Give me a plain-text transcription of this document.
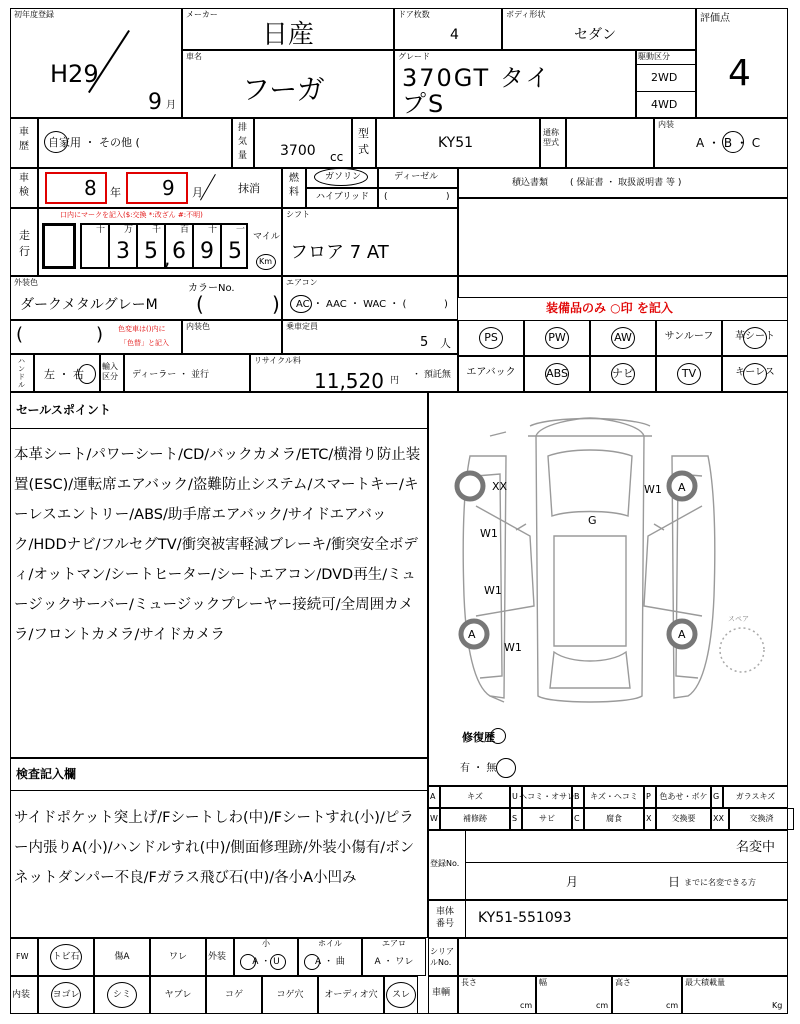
初年度登録
H29
9 月
メーカー
日産
ドア枚数
4
ボディ形状
セダン
評価点
4
車名
フーガ
グレード
370GT タイ
プS
駆動区分
2WD
4WD
車歴 自家用 ・ その他 (
排気量 3700 cc
型式	KY51
通称型式
内装
A ・ B ・ C
車検	8 年 9 月	抹消
燃料
ガソリン	ディーゼル
ハイブリッド (	)
積込書類 ( 保証書 ・ 取扱説明書 等 )
走行
口内にマークを記入($:交換 *:改ざん #:不明)
十 万
3
千
5
百
6
十
9
一
5
,
マイル
Km
シフト
フロア 7 AT
外装色
カラーNo.
ダークメタルグレーM (	)
エアコン
AC ・ AAC ・ WAC ・ (	)	装備品のみ ○印 を記入
(	) 色変車は()内に
「色替」と記入
内装色	乗車定員
5 人
ハンドル
左 ・ 右
輸入区分	ディーラー ・ 並行
リサイクル料
11,520 円
・ 預託無
PS	PW	AW	サンルーフ 革シート
エアバック	ABS	ナビ	TV	キーレス
セールスポイント
本革シート/パワーシート/CD/バックカメラ/ETC/横滑り防止装置(ESC)/運転席エアバック/盗難防止システム/スマートキー/キーレスエントリー/ABS/助手席エアバック/サイドエアバック/HDDナビ/フルセグTV/衝突被害軽減ブレーキ/衝突安全ボディ/オットマン/シートヒーター/シートエアコン/DVD再生/ミュージックサーバー/ミュージックプレーヤー接続可/全周囲カメラ/フロントカメラ/サイドカメラ
検査記入欄
サイドポケット突上げ/Fシートしわ(中)/Fシートすれ(小)/ピラー内張りA(小)/ハンドルすれ(中)/側面修理跡/外装小傷有/ボンネットダンパー不良/Fガラス飛び石(中)/各小A小凹み
XX	W1 A
G
W1
W1
A	A
W1
スペア
修復歴
有 ・ 無
A	キズ	U ヘコミ・オサレ B キズ・ヘコミ P 色あせ・ボケ G ガラスキズ
W	補修跡	S	サビ C	腐食	X	交換要 XX	交換済
登録No.
名変中
月	日 までに名変できる方
車体番号 KY51-551093
FW	トビ石	傷A	ワレ 外装
小
A ・ U
ホイル
A ・ 曲
エアロ
A ・ ワレ
内装 ヨゴレ	シミ	ヤブレ	コゲ	コゲ穴 オーディオ穴 スレ
シリアルNo.
車輌
長さ
cm
幅
cm
高さ
cm
最大積載量
Kg
